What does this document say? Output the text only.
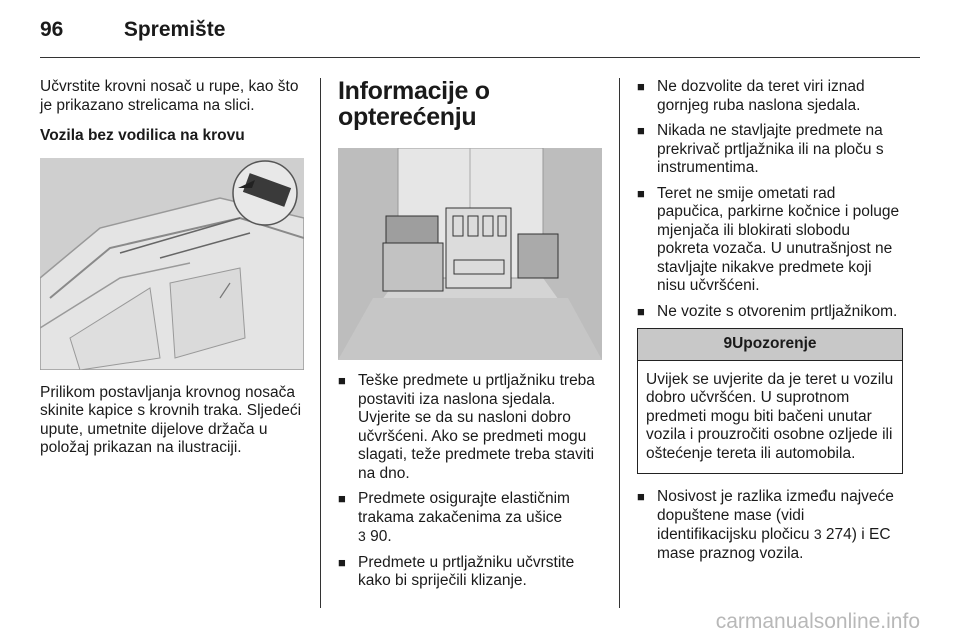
96	Spremište

Učvrstite krovni nosač u rupe, kao što je prikazano strelicama na slici.

Vozila bez vodilica na krovu

Prilikom postavljanja krovnog nosača skinite kapice s krovnih traka. Sljedeći upute, umetnite dijelove držača u položaj prikazan na ilustraciji.

Informacije o opterećenju
■ Teške predmete u prtljažniku treba postaviti iza naslona sjedala. Uvjerite se da su nasloni dobro učvršćeni. Ako se predmeti mogu slagati, teže predmete treba staviti na dno.
■ Predmete osigurajte elastičnim trakama zakačenima za ušice
3 90.
■ Predmete u prtljažniku učvrstite kako bi spriječili klizanje.
■ Ne dozvolite da teret viri iznad gornjeg ruba naslona sjedala.
■ Nikada ne stavljajte predmete na prekrivač prtljažnika ili na ploču s instrumentima.
■ Teret ne smije ometati rad papučica, parkirne kočnice i poluge mjenjača ili blokirati slobodu pokreta vozača. U unutrašnjost ne stavljajte nikakve predmete koji nisu učvršćeni.
■ Ne vozite s otvorenim prtljažnikom.
9Upozorenje
Uvijek se uvjerite da je teret u vozilu dobro učvršćen. U suprotnom predmeti mogu biti bačeni unutar vozila i prouzročiti osobne ozljede ili oštećenje tereta ili automobila.
■ Nosivost je razlika između najveće dopuštene mase (vidi identifikacijsku pločicu 3 274) i EC mase praznog vozila.
carmanualsonline.info
